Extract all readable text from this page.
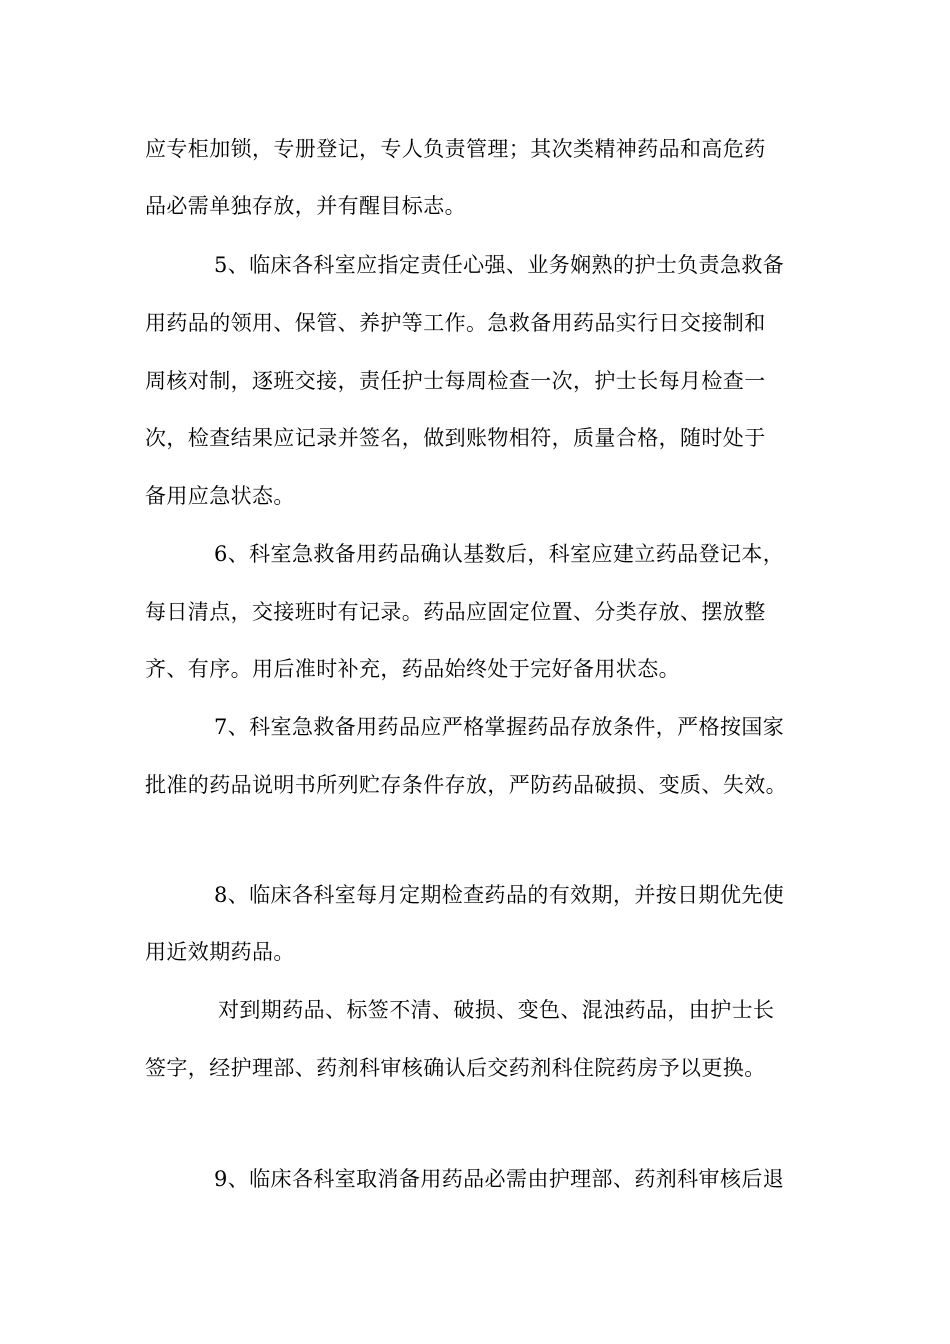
应专柜加锁，专册登记，专人负责管理；其次类精神药品和高危药
品必需单独存放，并有醒目标志。
5、临床各科室应指定责任心强、业务娴熟的护士负责急救备
用药品的领用、保管、养护等工作。急救备用药品实行日交接制和
周核对制，逐班交接，责任护士每周检查一次，护士长每月检查一
次，检查结果应记录并签名，做到账物相符，质量合格，随时处于
备用应急状态。
6、科室急救备用药品确认基数后，科室应建立药品登记本，
每日清点，交接班时有记录。药品应固定位置、分类存放、摆放整
齐、有序。用后准时补充，药品始终处于完好备用状态。
7、科室急救备用药品应严格掌握药品存放条件，严格按国家
批准的药品说明书所列贮存条件存放，严防药品破损、变质、失效。
8、临床各科室每月定期检查药品的有效期，并按日期优先使
用近效期药品。
对到期药品、标签不清、破损、变色、混浊药品，由护士长
签字，经护理部、药剂科审核确认后交药剂科住院药房予以更换。
9、临床各科室取消备用药品必需由护理部、药剂科审核后退
